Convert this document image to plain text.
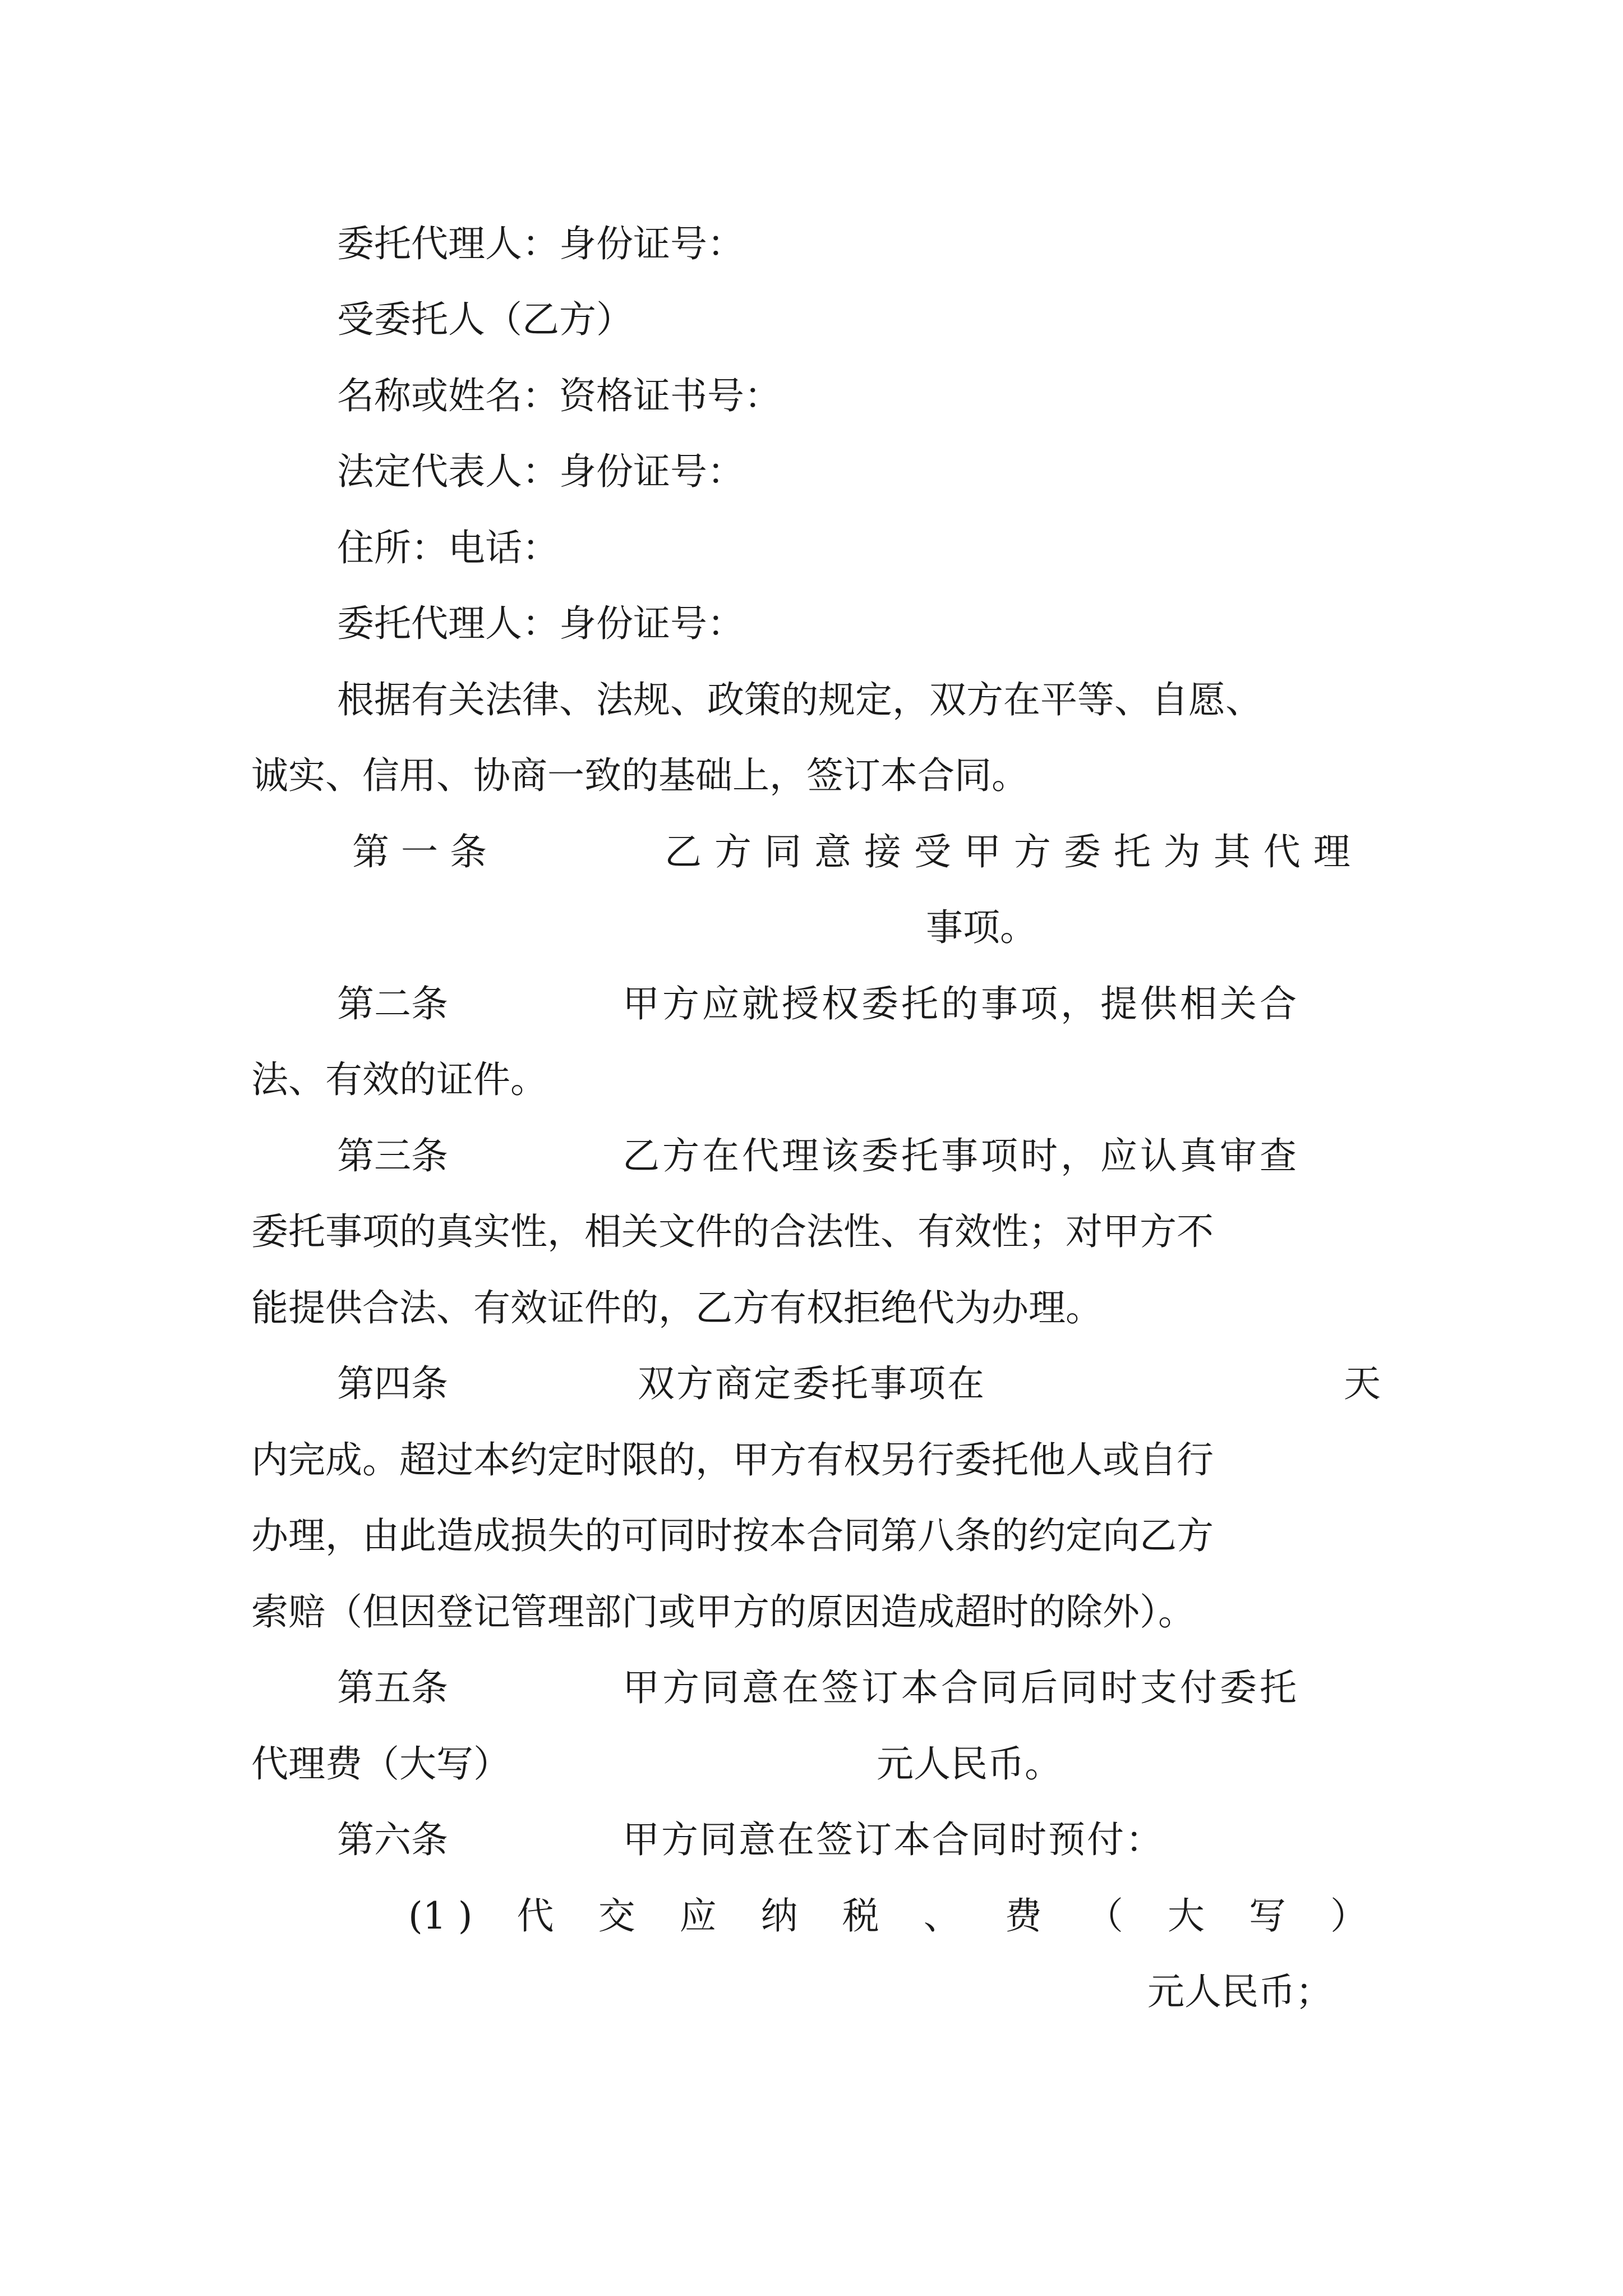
委托代理人：身份证号：
受委托人（乙方）
名称或姓名：资格证书号：
法定代表人：身份证号：
住所：电话：
委托代理人：身份证号：
根据有关法律、法规、政策的规定，双方在平等、自愿、
诚实、信用、协商一致的基础上，签订本合同。
第 一 条	乙 方 同 意 接 受 甲 方 委 托 为 其 代 理
事项。
第二条	甲方应就授权委托的事项，提供相关合
法、有效的证件。
第三条	乙方在代理该委托事项时，应认真审查
委托事项的真实性，相关文件的合法性、有效性；对甲方不
能提供合法、有效证件的，乙方有权拒绝代为办理。
第四条	双方商定委托事项在	天
内完成。超过本约定时限的，甲方有权另行委托他人或自行
办理，由此造成损失的可同时按本合同第八条的约定向乙方
索赔（但因登记管理部门或甲方的原因造成超时的除外）。
第五条	甲方同意在签订本合同后同时支付委托
代理费（大写）	元人民币。
第六条	甲方同意在签订本合同时预付：
(1 ) 代 交 应 纳 税 、 费 （ 大 写 ）
元人民币；
